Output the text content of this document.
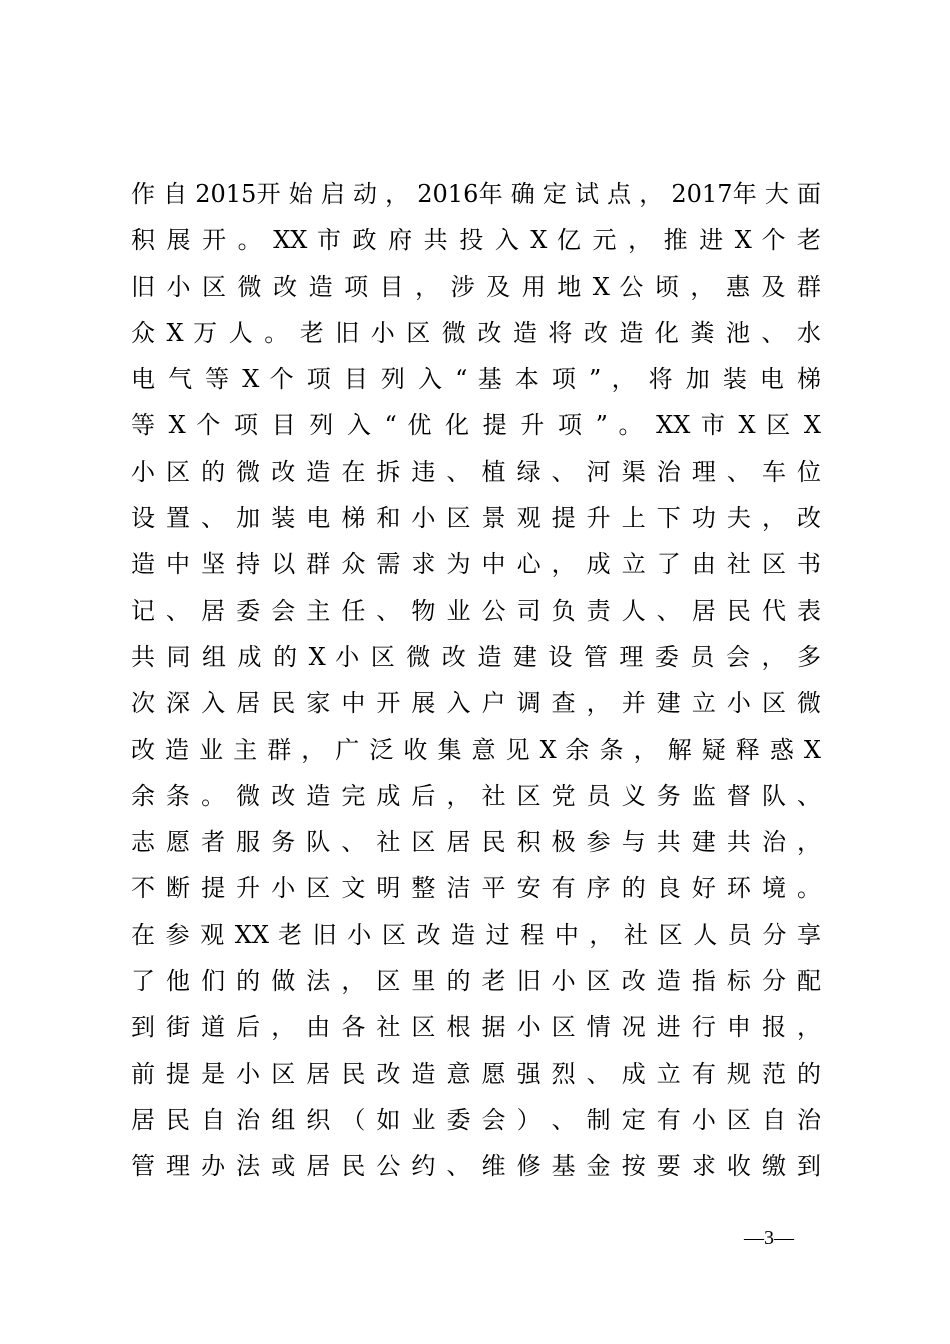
作 自 2015开 始 启 动 ， 2016年 确 定 试 点 ， 2017年 大 面
积 展 开 。 XX 市 政 府 共 投 入 X 亿 元 ， 推 进 X 个 老
旧 小 区 微 改 造 项 目 ， 涉 及 用 地 X 公 顷 ， 惠 及 群
众 X 万 人 。 老 旧 小 区 微 改 造 将 改 造 化 粪 池 、 水
电 气 等 X 个 项 目 列 入 “ 基 本 项 ” ， 将 加 装 电 梯
等 X 个 项 目 列 入 “ 优 化 提 升 项 ” 。 XX 市 X 区 X
小 区 的 微 改 造 在 拆 违 、 植 绿 、 河 渠 治 理 、 车 位
设 置 、 加 装 电 梯 和 小 区 景 观 提 升 上 下 功 夫 ， 改
造 中 坚 持 以 群 众 需 求 为 中 心 ， 成 立 了 由 社 区 书
记 、 居 委 会 主 任 、 物 业 公 司 负 责 人 、 居 民 代 表
共 同 组 成 的 X 小 区 微 改 造 建 设 管 理 委 员 会 ， 多
次 深 入 居 民 家 中 开 展 入 户 调 查 ， 并 建 立 小 区 微
改 造 业 主 群 ， 广 泛 收 集 意 见 X 余 条 ， 解 疑 释 惑 X
余 条 。 微 改 造 完 成 后 ， 社 区 党 员 义 务 监 督 队 、
志 愿 者 服 务 队 、 社 区 居 民 积 极 参 与 共 建 共 治 ，
不 断 提 升 小 区 文 明 整 洁 平 安 有 序 的 良 好 环 境 。
在 参 观 XX 老 旧 小 区 改 造 过 程 中 ， 社 区 人 员 分 享
了 他 们 的 做 法 ， 区 里 的 老 旧 小 区 改 造 指 标 分 配
到 街 道 后 ， 由 各 社 区 根 据 小 区 情 况 进 行 申 报 ，
前 提 是 小 区 居 民 改 造 意 愿 强 烈 、 成 立 有 规 范 的
居 民 自 治 组 织 （ 如 业 委 会 ） 、 制 定 有 小 区 自 治
管 理 办 法 或 居 民 公 约 、 维 修 基 金 按 要 求 收 缴 到
—3—
